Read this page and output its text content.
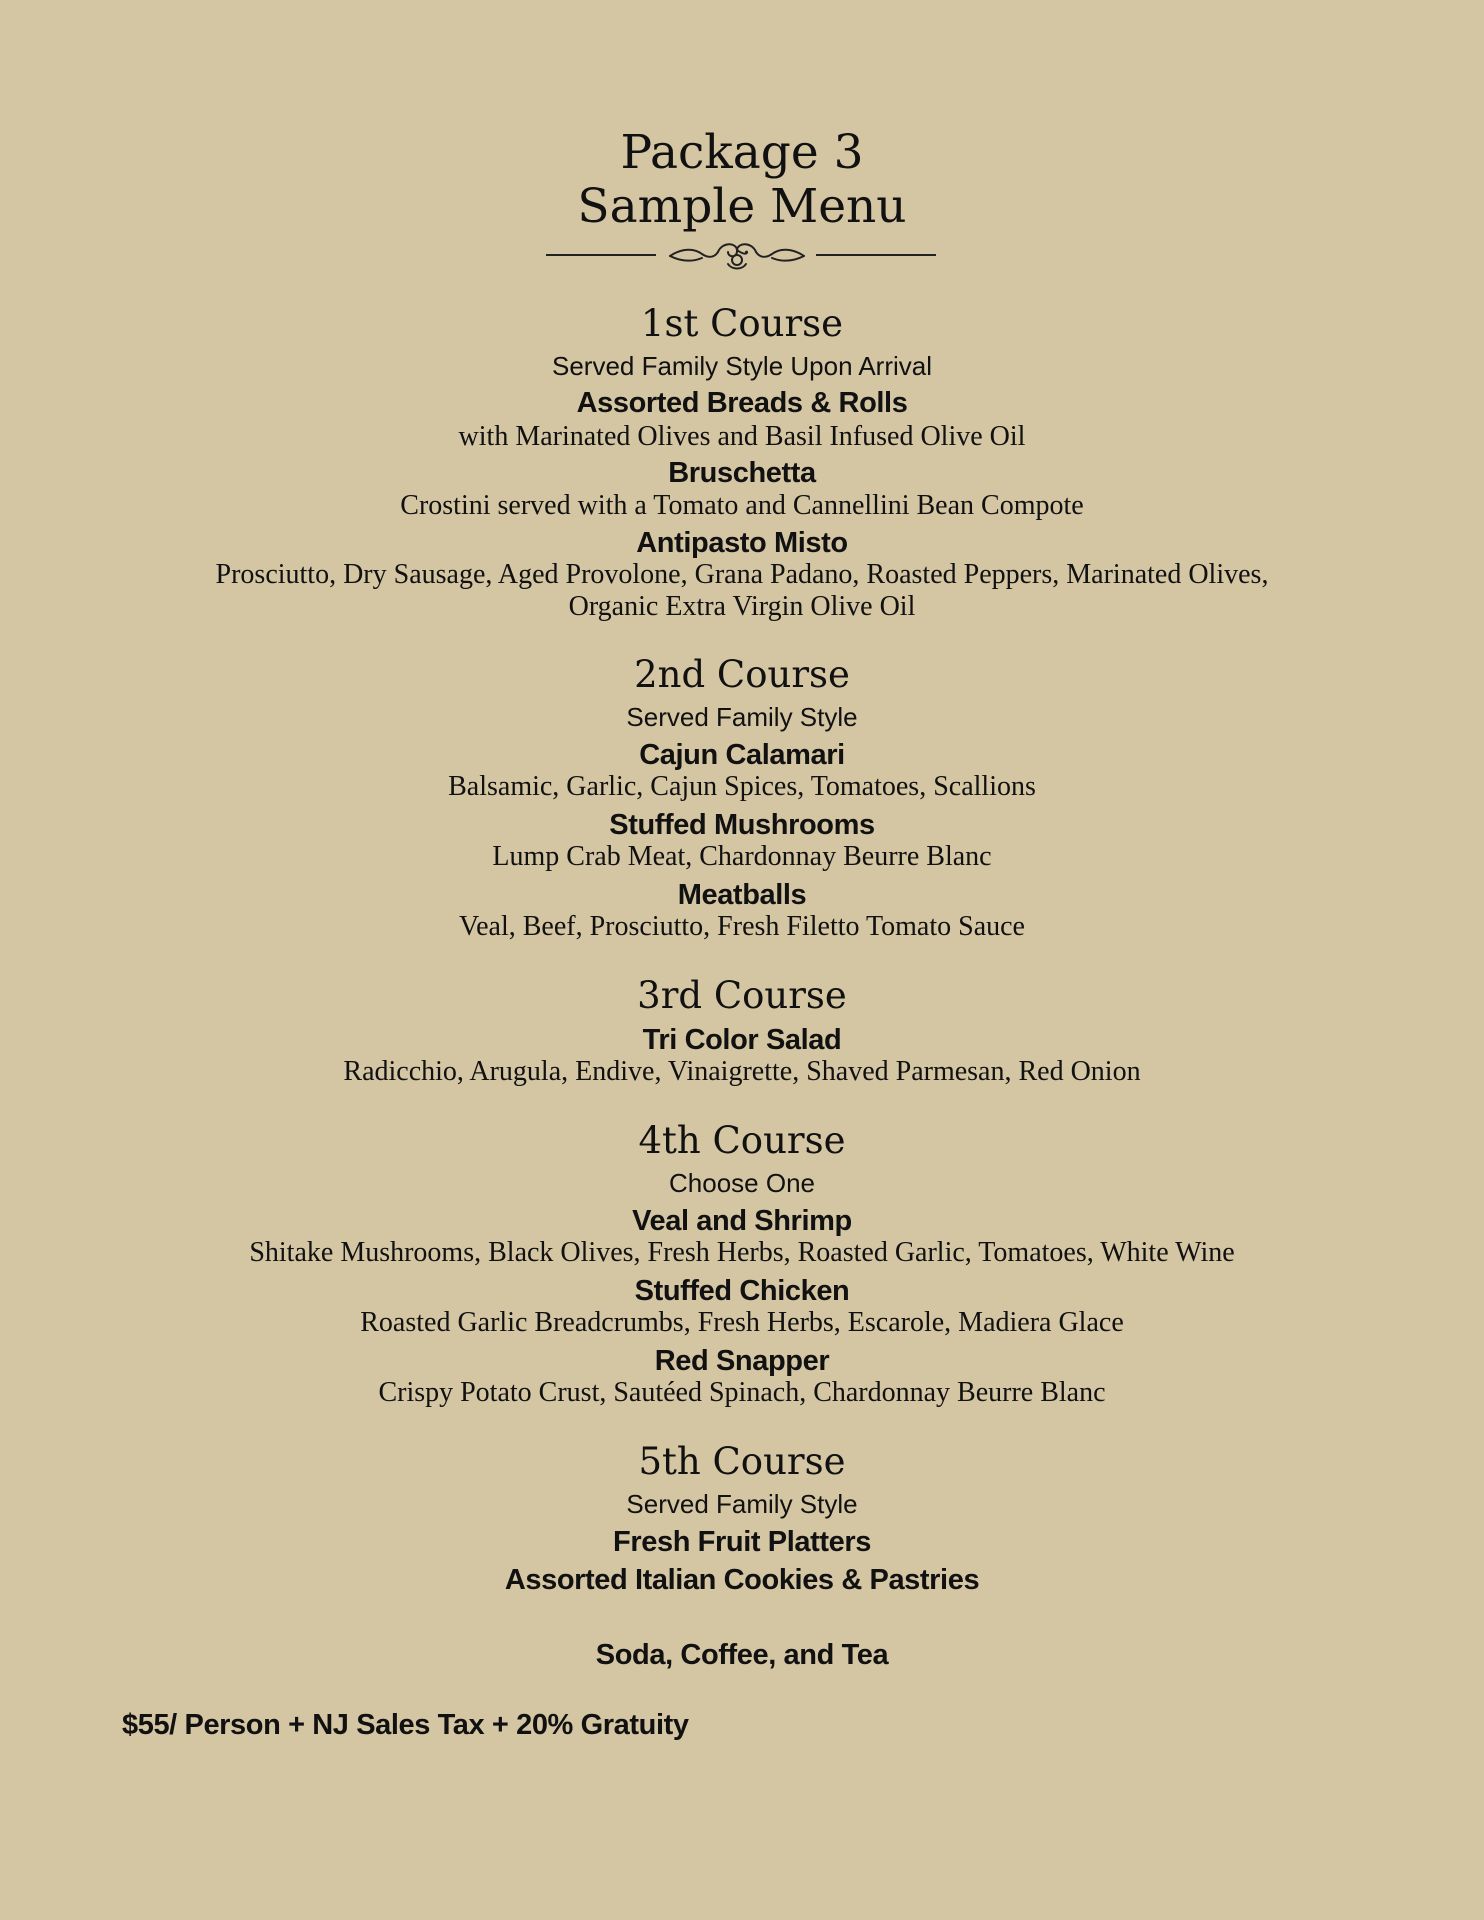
Package 3
Sample Menu
1st Course
Served Family Style Upon Arrival
Assorted Breads & Rolls
with Marinated Olives and Basil Infused Olive Oil
Bruschetta
Crostini served with a Tomato and Cannellini Bean Compote
Antipasto Misto
Prosciutto, Dry Sausage, Aged Provolone, Grana Padano, Roasted Peppers, Marinated Olives,
Organic Extra Virgin Olive Oil
2nd Course
Served Family Style
Cajun Calamari
Balsamic, Garlic, Cajun Spices, Tomatoes, Scallions
Stuffed Mushrooms
Lump Crab Meat, Chardonnay Beurre Blanc
Meatballs
Veal, Beef, Prosciutto, Fresh Filetto Tomato Sauce
3rd Course
Tri Color Salad
Radicchio, Arugula, Endive, Vinaigrette, Shaved Parmesan, Red Onion
4th Course
Choose One
Veal and Shrimp
Shitake Mushrooms, Black Olives, Fresh Herbs, Roasted Garlic, Tomatoes, White Wine
Stuffed Chicken
Roasted Garlic Breadcrumbs, Fresh Herbs, Escarole, Madiera Glace
Red Snapper
Crispy Potato Crust, Sautéed Spinach, Chardonnay Beurre Blanc
5th Course
Served Family Style
Fresh Fruit Platters
Assorted Italian Cookies & Pastries
Soda, Coffee, and Tea
$55/ Person + NJ Sales Tax + 20% Gratuity
